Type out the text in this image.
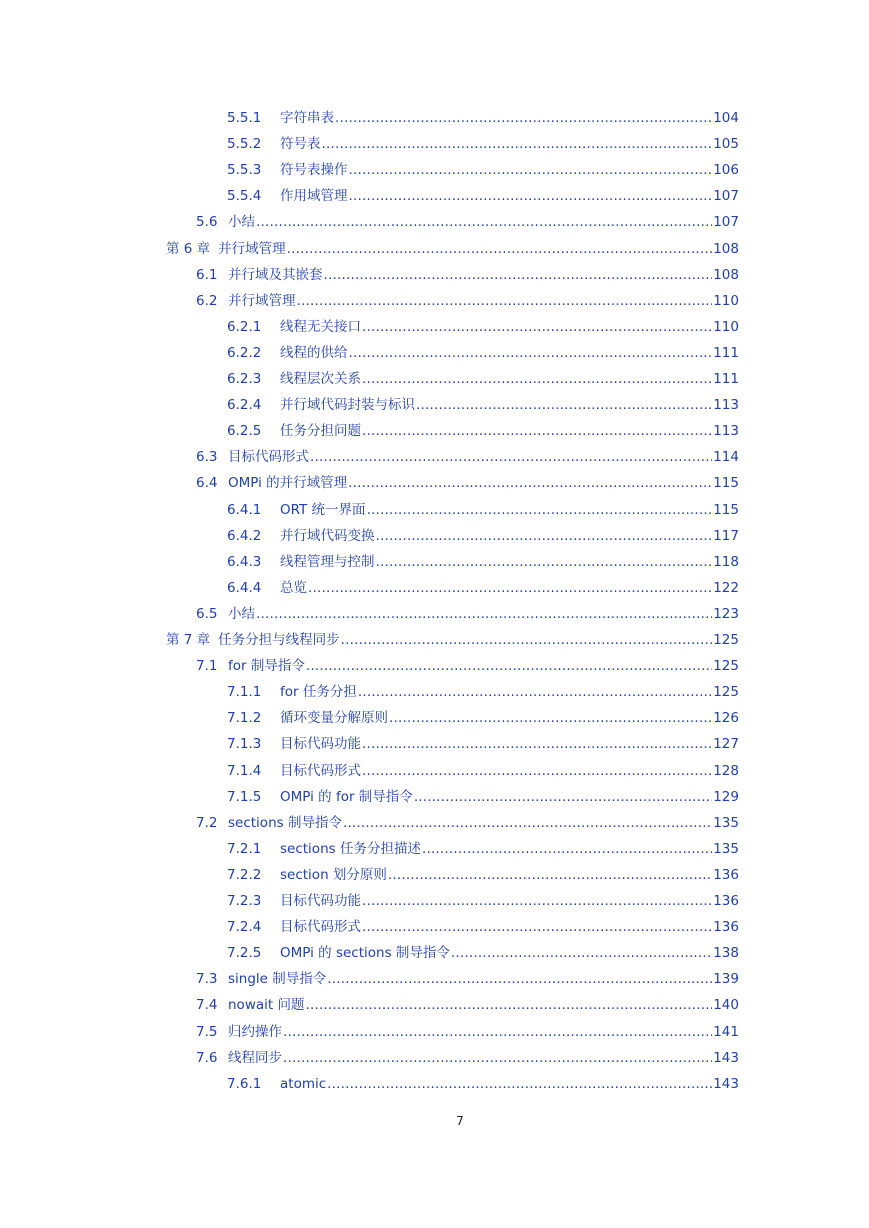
5.5.1	字符串表 .....	104
5.5.2	符号表 .....	105
5.5.3	符号表操作 .....	106
5.5.4	作用域管理 .....	107
5.6 小结 .....	107
第 6 章 并行域管理 .....	108
6.1 并行域及其嵌套 .....	108
6.2 并行域管理 .....	110
6.2.1	线程无关接口 .....	110
6.2.2	线程的供给 .....	111
6.2.3	线程层次关系 .....	111
6.2.4	并行域代码封装与标识 .....	113
6.2.5	任务分担问题 .....	113
6.3 目标代码形式 .....	114
6.4 OMPi 的并行域管理 .....	115
6.4.1	ORT 统一界面 .....	115
6.4.2	并行域代码变换 .....	117
6.4.3	线程管理与控制 .....	118
6.4.4	总览 .....	122
6.5 小结 .....	123
第 7 章 任务分担与线程同步 .....	125
7.1 for 制导指令 .....	125
7.1.1	for 任务分担 .....	125
7.1.2	循环变量分解原则 .....	126
7.1.3	目标代码功能 .....	127
7.1.4	目标代码形式 .....	128
7.1.5	OMPi 的 for 制导指令 .....	129
7.2 sections 制导指令 .....	135
7.2.1	sections 任务分担描述 .....	135
7.2.2	section 划分原则 .....	136
7.2.3	目标代码功能 .....	136
7.2.4	目标代码形式 .....	136
7.2.5	OMPi 的 sections 制导指令 .....	138
7.3 single 制导指令 .....	139
7.4 nowait 问题 .....	140
7.5 归约操作 .....	141
7.6 线程同步 .....	143
7.6.1	atomic .....	143
7
